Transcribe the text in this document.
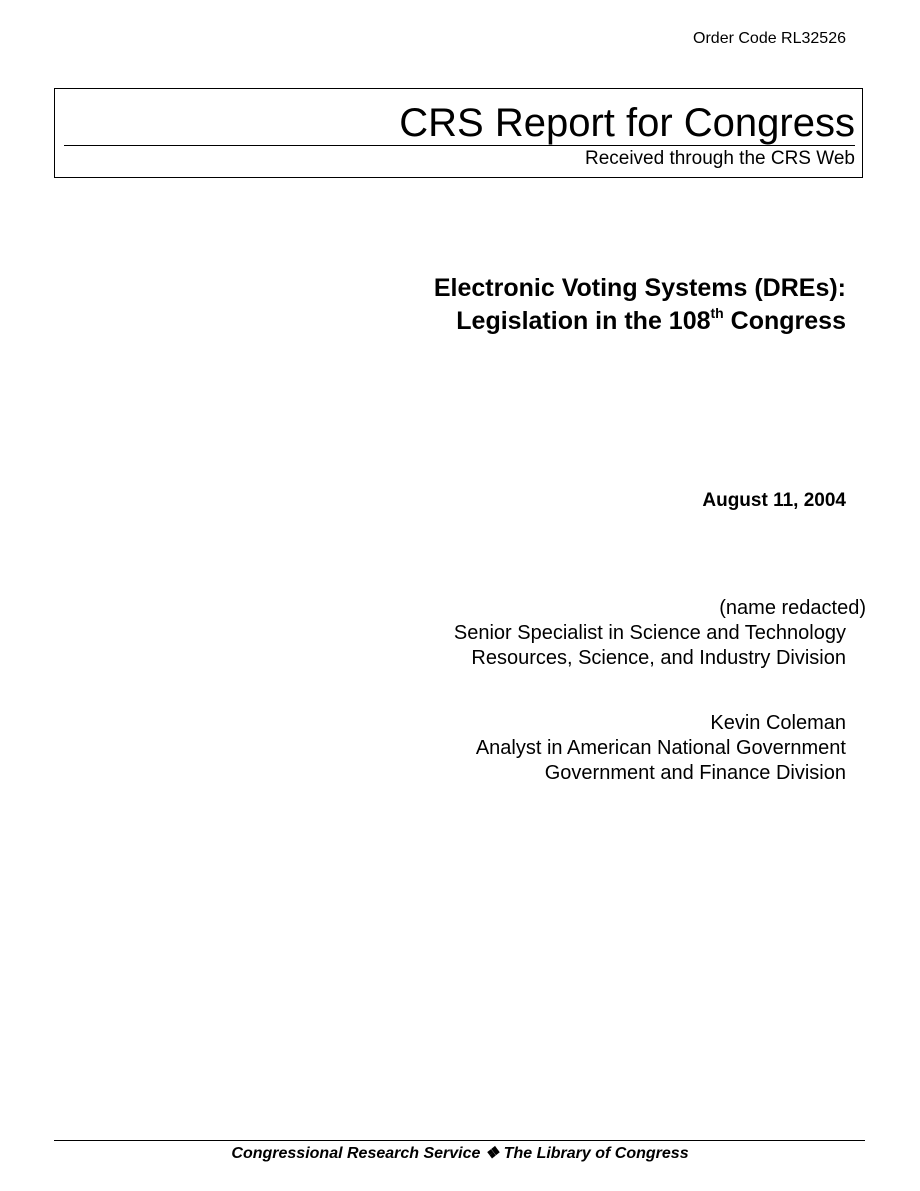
Order Code RL32526
CRS Report for Congress
Received through the CRS Web
Electronic Voting Systems (DREs):
Legislation in the 108th Congress
August 11, 2004
(name redacted)
Senior Specialist in Science and Technology
Resources, Science, and Industry Division
Kevin Coleman
Analyst in American National Government
Government and Finance Division
Congressional Research Service ❖ The Library of Congress
